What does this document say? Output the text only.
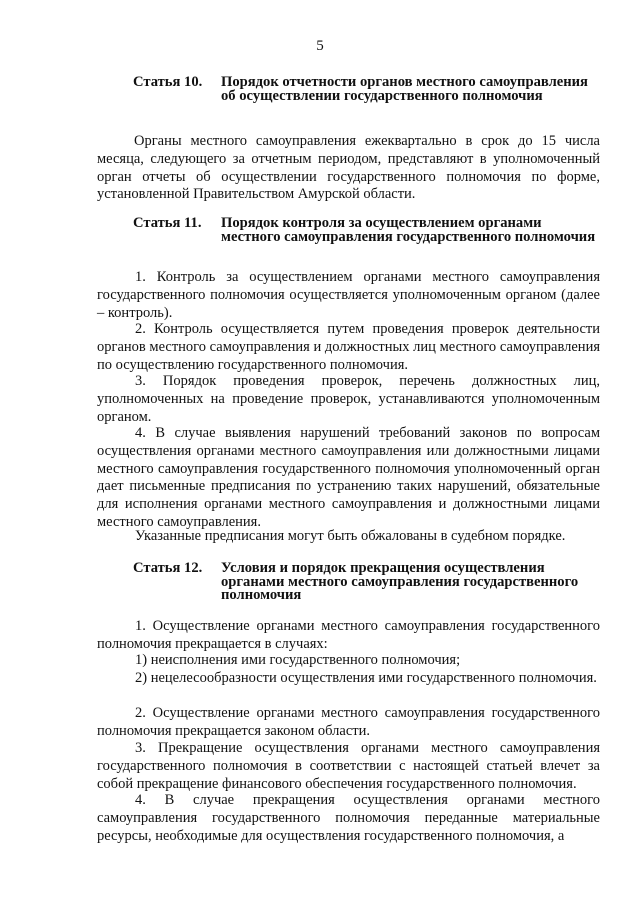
5
Статья 10.	Порядок отчетности органов местного самоуправления об осуществлении государственного полномочия

Органы местного самоуправления ежеквартально в срок до 15 числа месяца, следующего за отчетным периодом, представляют в уполномоченный орган отчеты об осуществлении государственного полномочия по форме, установленной Правительством Амурской области.

Статья 11.	Порядок контроля за осуществлением органами местного самоуправления государственного полномочия

1. Контроль за осуществлением органами местного самоуправления государственного полномочия осуществляется уполномоченным органом (далее – контроль).

2. Контроль осуществляется путем проведения проверок деятельности органов местного самоуправления и должностных лиц местного самоуправления по осуществлению государственного полномочия.

3. Порядок проведения проверок, перечень должностных лиц, уполномоченных на проведение проверок, устанавливаются уполномоченным органом.

4. В случае выявления нарушений требований законов по вопросам осуществления органами местного самоуправления или должностными лицами местного самоуправления государственного полномочия уполномоченный орган дает письменные предписания по устранению таких нарушений, обязательные для исполнения органами местного самоуправления и должностными лицами местного самоуправления.

Указанные предписания могут быть обжалованы в судебном порядке.

Статья 12.	Условия и порядок прекращения осуществления органами местного самоуправления государственного полномочия

1. Осуществление органами местного самоуправления государственного полномочия прекращается в случаях:

1) неисполнения ими государственного полномочия;

2) нецелесообразности осуществления ими государственного полномочия.

2. Осуществление органами местного самоуправления государственного полномочия прекращается законом области.

3. Прекращение осуществления органами местного самоуправления государственного полномочия в соответствии с настоящей статьей влечет за собой прекращение финансового обеспечения государственного полномочия.

4. В случае прекращения осуществления органами местного самоуправления государственного полномочия переданные материальные ресурсы, необходимые для осуществления государственного полномочия, а
